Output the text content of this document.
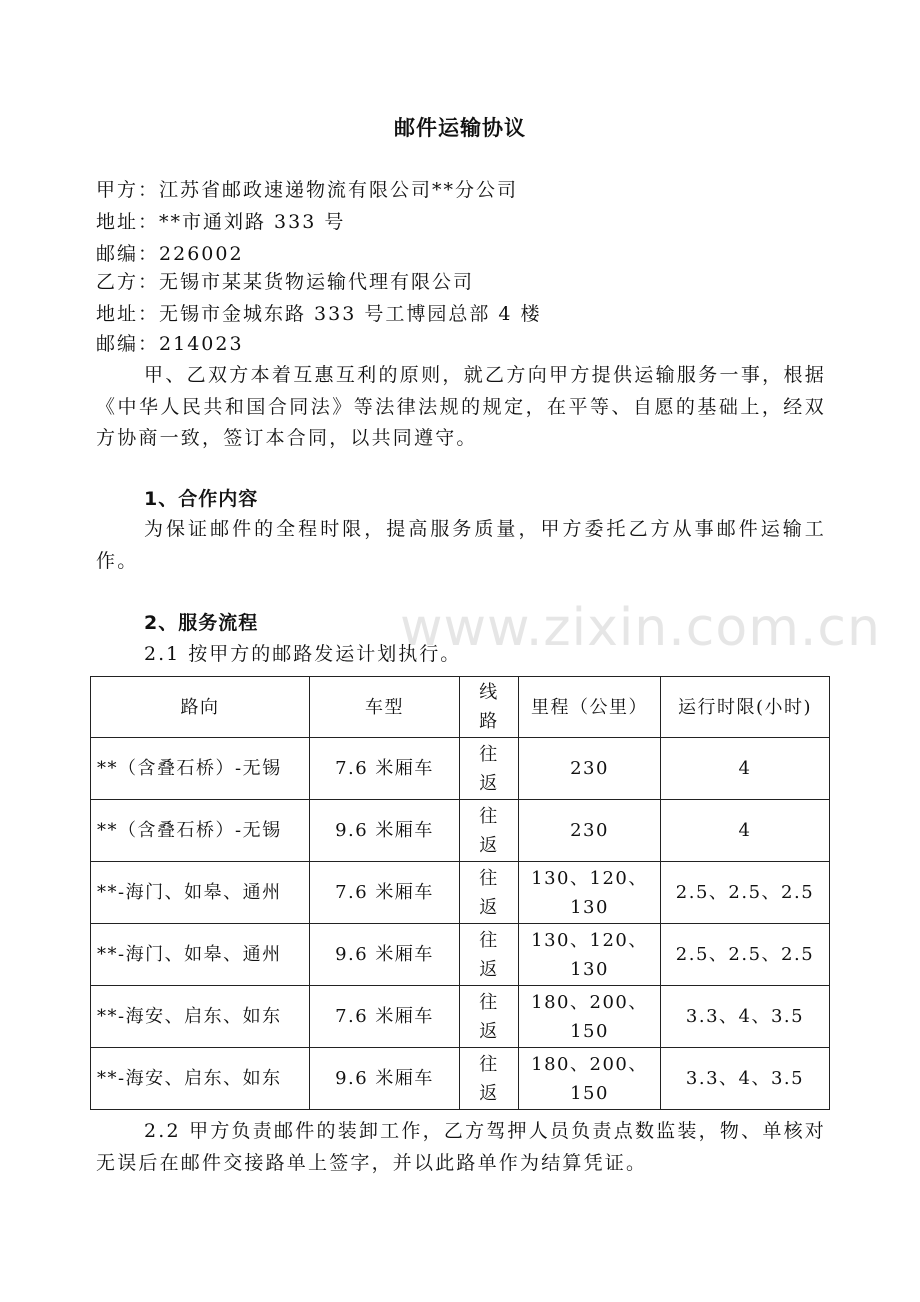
邮件运输协议
甲方：江苏省邮政速递物流有限公司**分公司
地址：**市通刘路 333 号
邮编：226002
乙方：无锡市某某货物运输代理有限公司
地址：无锡市金城东路 333 号工博园总部 4 楼
邮编：214023
甲、乙双方本着互惠互利的原则，就乙方向甲方提供运输服务一事，根据《中华人民共和国合同法》等法律法规的规定，在平等、自愿的基础上，经双方协商一致，签订本合同，以共同遵守。
1、合作内容
为保证邮件的全程时限，提高服务质量，甲方委托乙方从事邮件运输工作。
www.zixin.com.cn
2、服务流程
2.1 按甲方的邮路发运计划执行。
路向	车型	线路	里程（公里）	运行时限(小时)
**（含叠石桥）-无锡	7.6 米厢车	往返	230	4
**（含叠石桥）-无锡	9.6 米厢车	往返	230	4
**-海门、如皋、通州	7.6 米厢车	往返	130、120、130	2.5、2.5、2.5
**-海门、如皋、通州	9.6 米厢车	往返	130、120、130	2.5、2.5、2.5
**-海安、启东、如东	7.6 米厢车	往返	180、200、150	3.3、4、3.5
**-海安、启东、如东	9.6 米厢车	往返	180、200、150	3.3、4、3.5
2.2 甲方负责邮件的装卸工作，乙方驾押人员负责点数监装，物、单核对无误后在邮件交接路单上签字，并以此路单作为结算凭证。
